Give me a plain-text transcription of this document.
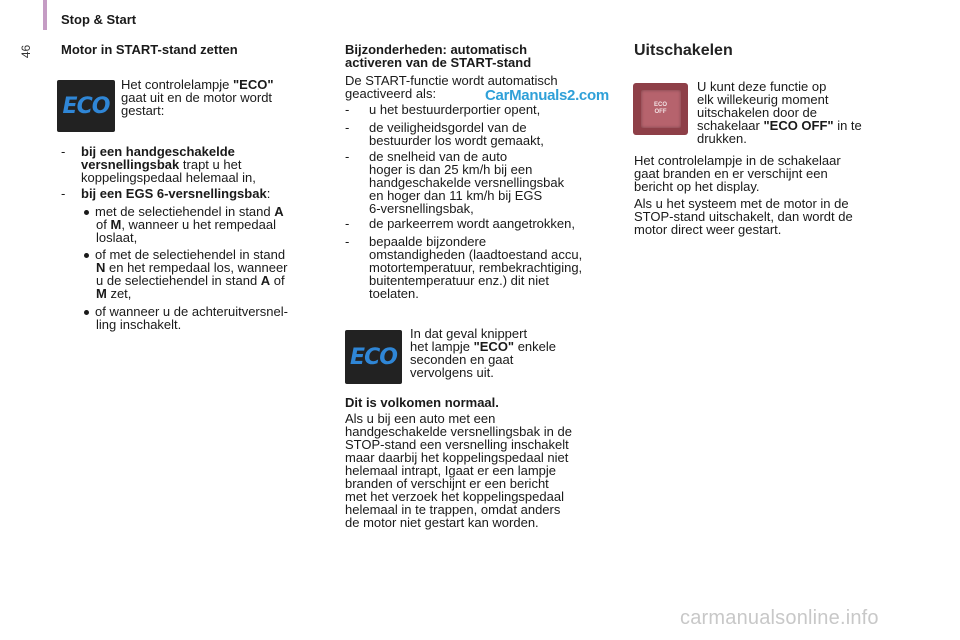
Stop & Start
46 Motor in START-stand zetten
ECO
Het controlelampje "ECO"
gaat uit en de motor wordt
gestart:
- bij een handgeschakelde
versnellingsbak trapt u het
koppelingspedaal helemaal in,
- bij een EGS 6-versnellingsbak:
met de selectiehendel in stand A
of M, wanneer u het rempedaal
loslaat,
of met de selectiehendel in stand
N en het rempedaal los, wanneer
u de selectiehendel in stand A of
M zet,
of wanneer u de achteruitversnel-
ling inschakelt.
Bijzonderheden: automatisch
activeren van de START-stand
De START-functie wordt automatisch
geactiveerd als:	CarManuals2.com
-
-
-
-
-
u het bestuurderportier opent,
de veiligheidsgordel van de
bestuurder los wordt gemaakt,
de snelheid van de auto
hoger is dan 25 km/h bij een
handgeschakelde versnellingsbak
en hoger dan 11 km/h bij EGS
6-versnellingsbak,
de parkeerrem wordt aangetrokken,
bepaalde bijzondere
omstandigheden (laadtoestand accu,
motortemperatuur, rembekrachtiging,
buitentemperatuur enz.) dit niet
toelaten.
ECO
In dat geval knippert
het lampje "ECO" enkele
seconden en gaat
vervolgens uit.
Dit is volkomen normaal.
Als u bij een auto met een
handgeschakelde versnellingsbak in de
STOP-stand een versnelling inschakelt
maar daarbij het koppelingspedaal niet
helemaal intrapt, Igaat er een lampje
branden of verschijnt er een bericht
met het verzoek het koppelingspedaal
helemaal in te trappen, omdat anders
de motor niet gestart kan worden.
Uitschakelen
ECO
OFF
U kunt deze functie op
elk willekeurig moment
uitschakelen door de
schakelaar "ECO OFF" in te
drukken.
Het controlelampje in de schakelaar
gaat branden en er verschijnt een
bericht op het display.
Als u het systeem met de motor in de
STOP-stand uitschakelt, dan wordt de
motor direct weer gestart.
carmanualsonline.info
